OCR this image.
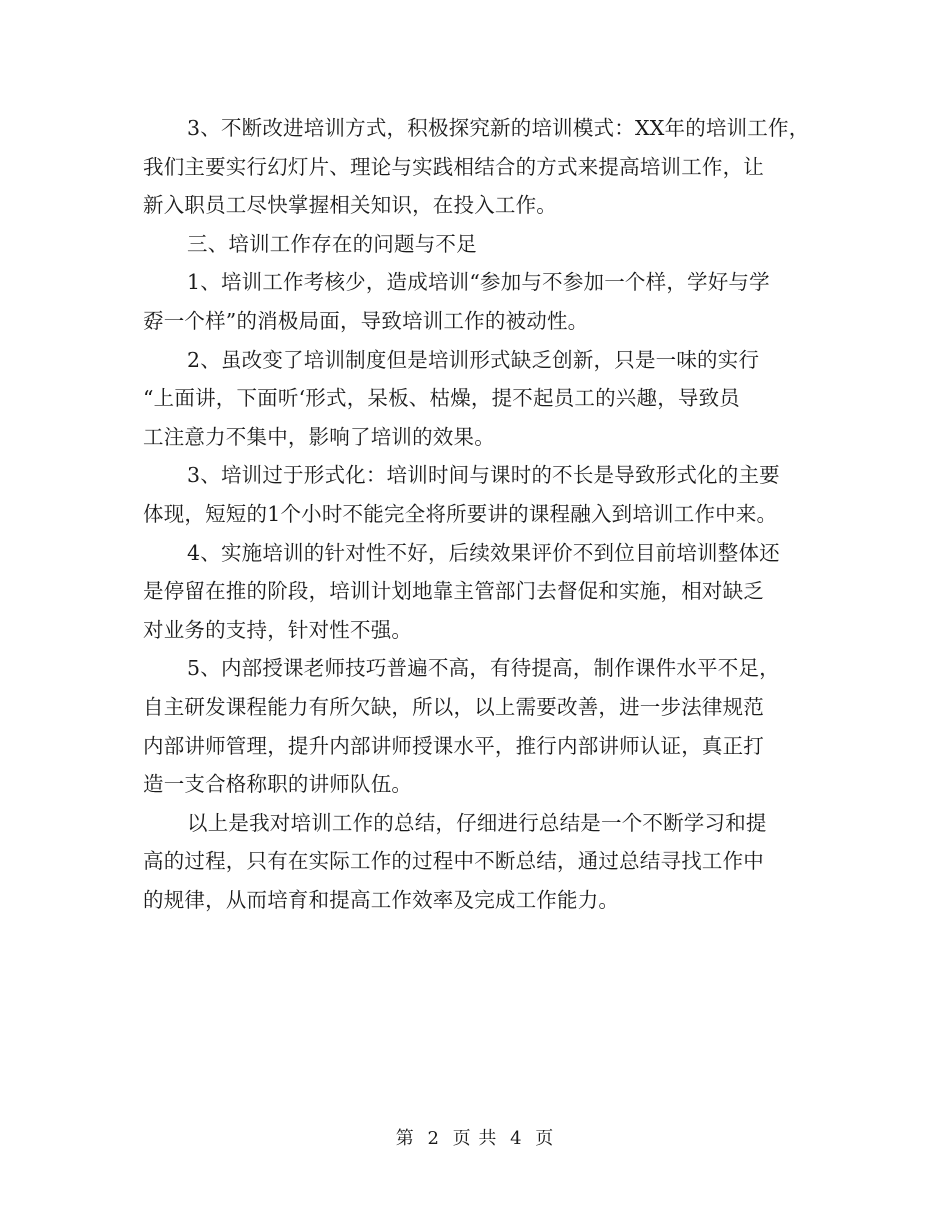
3、不断改进培训方式，积极探究新的培训模式：XX年的培训工作，
我们主要实行幻灯片、理论与实践相结合的方式来提高培训工作，让
新入职员工尽快掌握相关知识，在投入工作。
三、培训工作存在的问题与不足
1、培训工作考核少，造成培训“参加与不参加一个样，学好与学
孬一个样”的消极局面，导致培训工作的被动性。
2、虽改变了培训制度但是培训形式缺乏创新，只是一味的实行
“上面讲，下面听‘形式，呆板、枯燥，提不起员工的兴趣，导致员
工注意力不集中，影响了培训的效果。
3、培训过于形式化：培训时间与课时的不长是导致形式化的主要
体现，短短的1个小时不能完全将所要讲的课程融入到培训工作中来。
4、实施培训的针对性不好，后续效果评价不到位目前培训整体还
是停留在推的阶段，培训计划地靠主管部门去督促和实施，相对缺乏
对业务的支持，针对性不强。
5、内部授课老师技巧普遍不高，有待提高，制作课件水平不足，
自主研发课程能力有所欠缺，所以，以上需要改善，进一步法律规范
内部讲师管理，提升内部讲师授课水平，推行内部讲师认证，真正打
造一支合格称职的讲师队伍。
以上是我对培训工作的总结，仔细进行总结是一个不断学习和提
高的过程，只有在实际工作的过程中不断总结，通过总结寻找工作中
的规律，从而培育和提高工作效率及完成工作能力。
第 2 页 共 4 页
